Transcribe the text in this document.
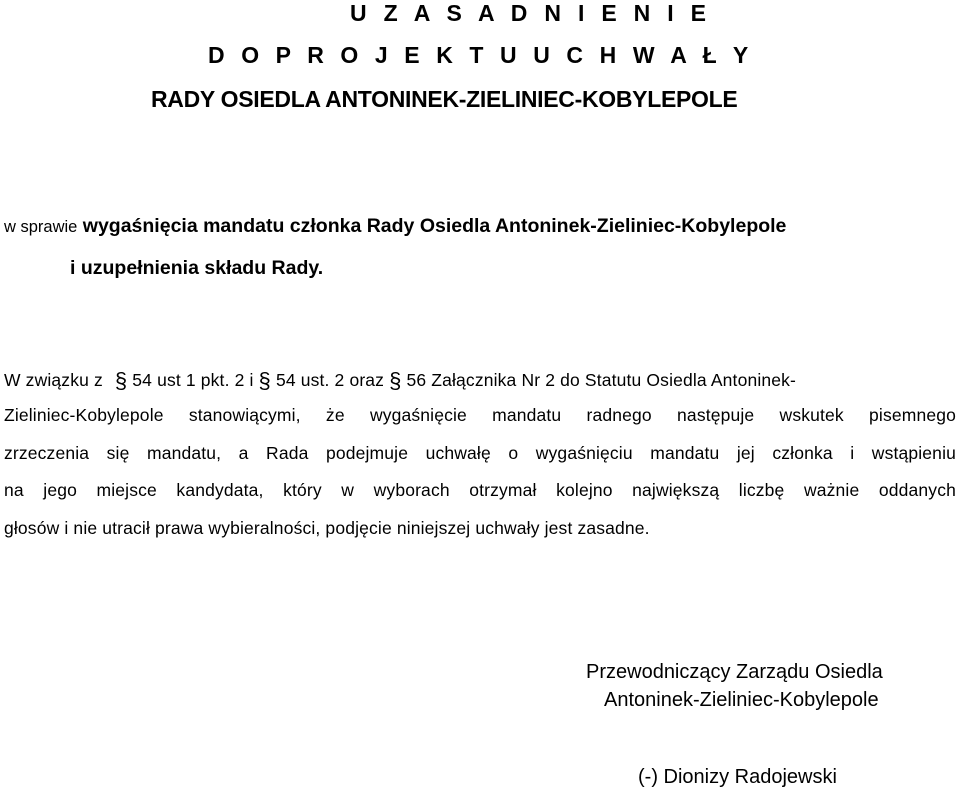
U Z A S A D N I E N I E
D O P R O J E K T U U C H W A Ł Y
RADY OSIEDLA ANTONINEK-ZIELINIEC-KOBYLEPOLE
w sprawie wygaśnięcia mandatu członka Rady Osiedla Antoninek-Zieliniec-Kobylepole
i uzupełnienia składu Rady.
W związku z § 54 ust 1 pkt. 2 i § 54 ust. 2 oraz § 56 Załącznika Nr 2 do Statutu Osiedla Antoninek-
Zieliniec-Kobylepole stanowiącymi, że wygaśnięcie mandatu radnego następuje wskutek pisemnego
zrzeczenia się mandatu, a Rada podejmuje uchwałę o wygaśnięciu mandatu jej członka i wstąpieniu
na jego miejsce kandydata, który w wyborach otrzymał kolejno największą liczbę ważnie oddanych
głosów i nie utracił prawa wybieralności, podjęcie niniejszej uchwały jest zasadne.
Przewodniczący Zarządu Osiedla
Antoninek-Zieliniec-Kobylepole
(-) Dionizy Radojewski
